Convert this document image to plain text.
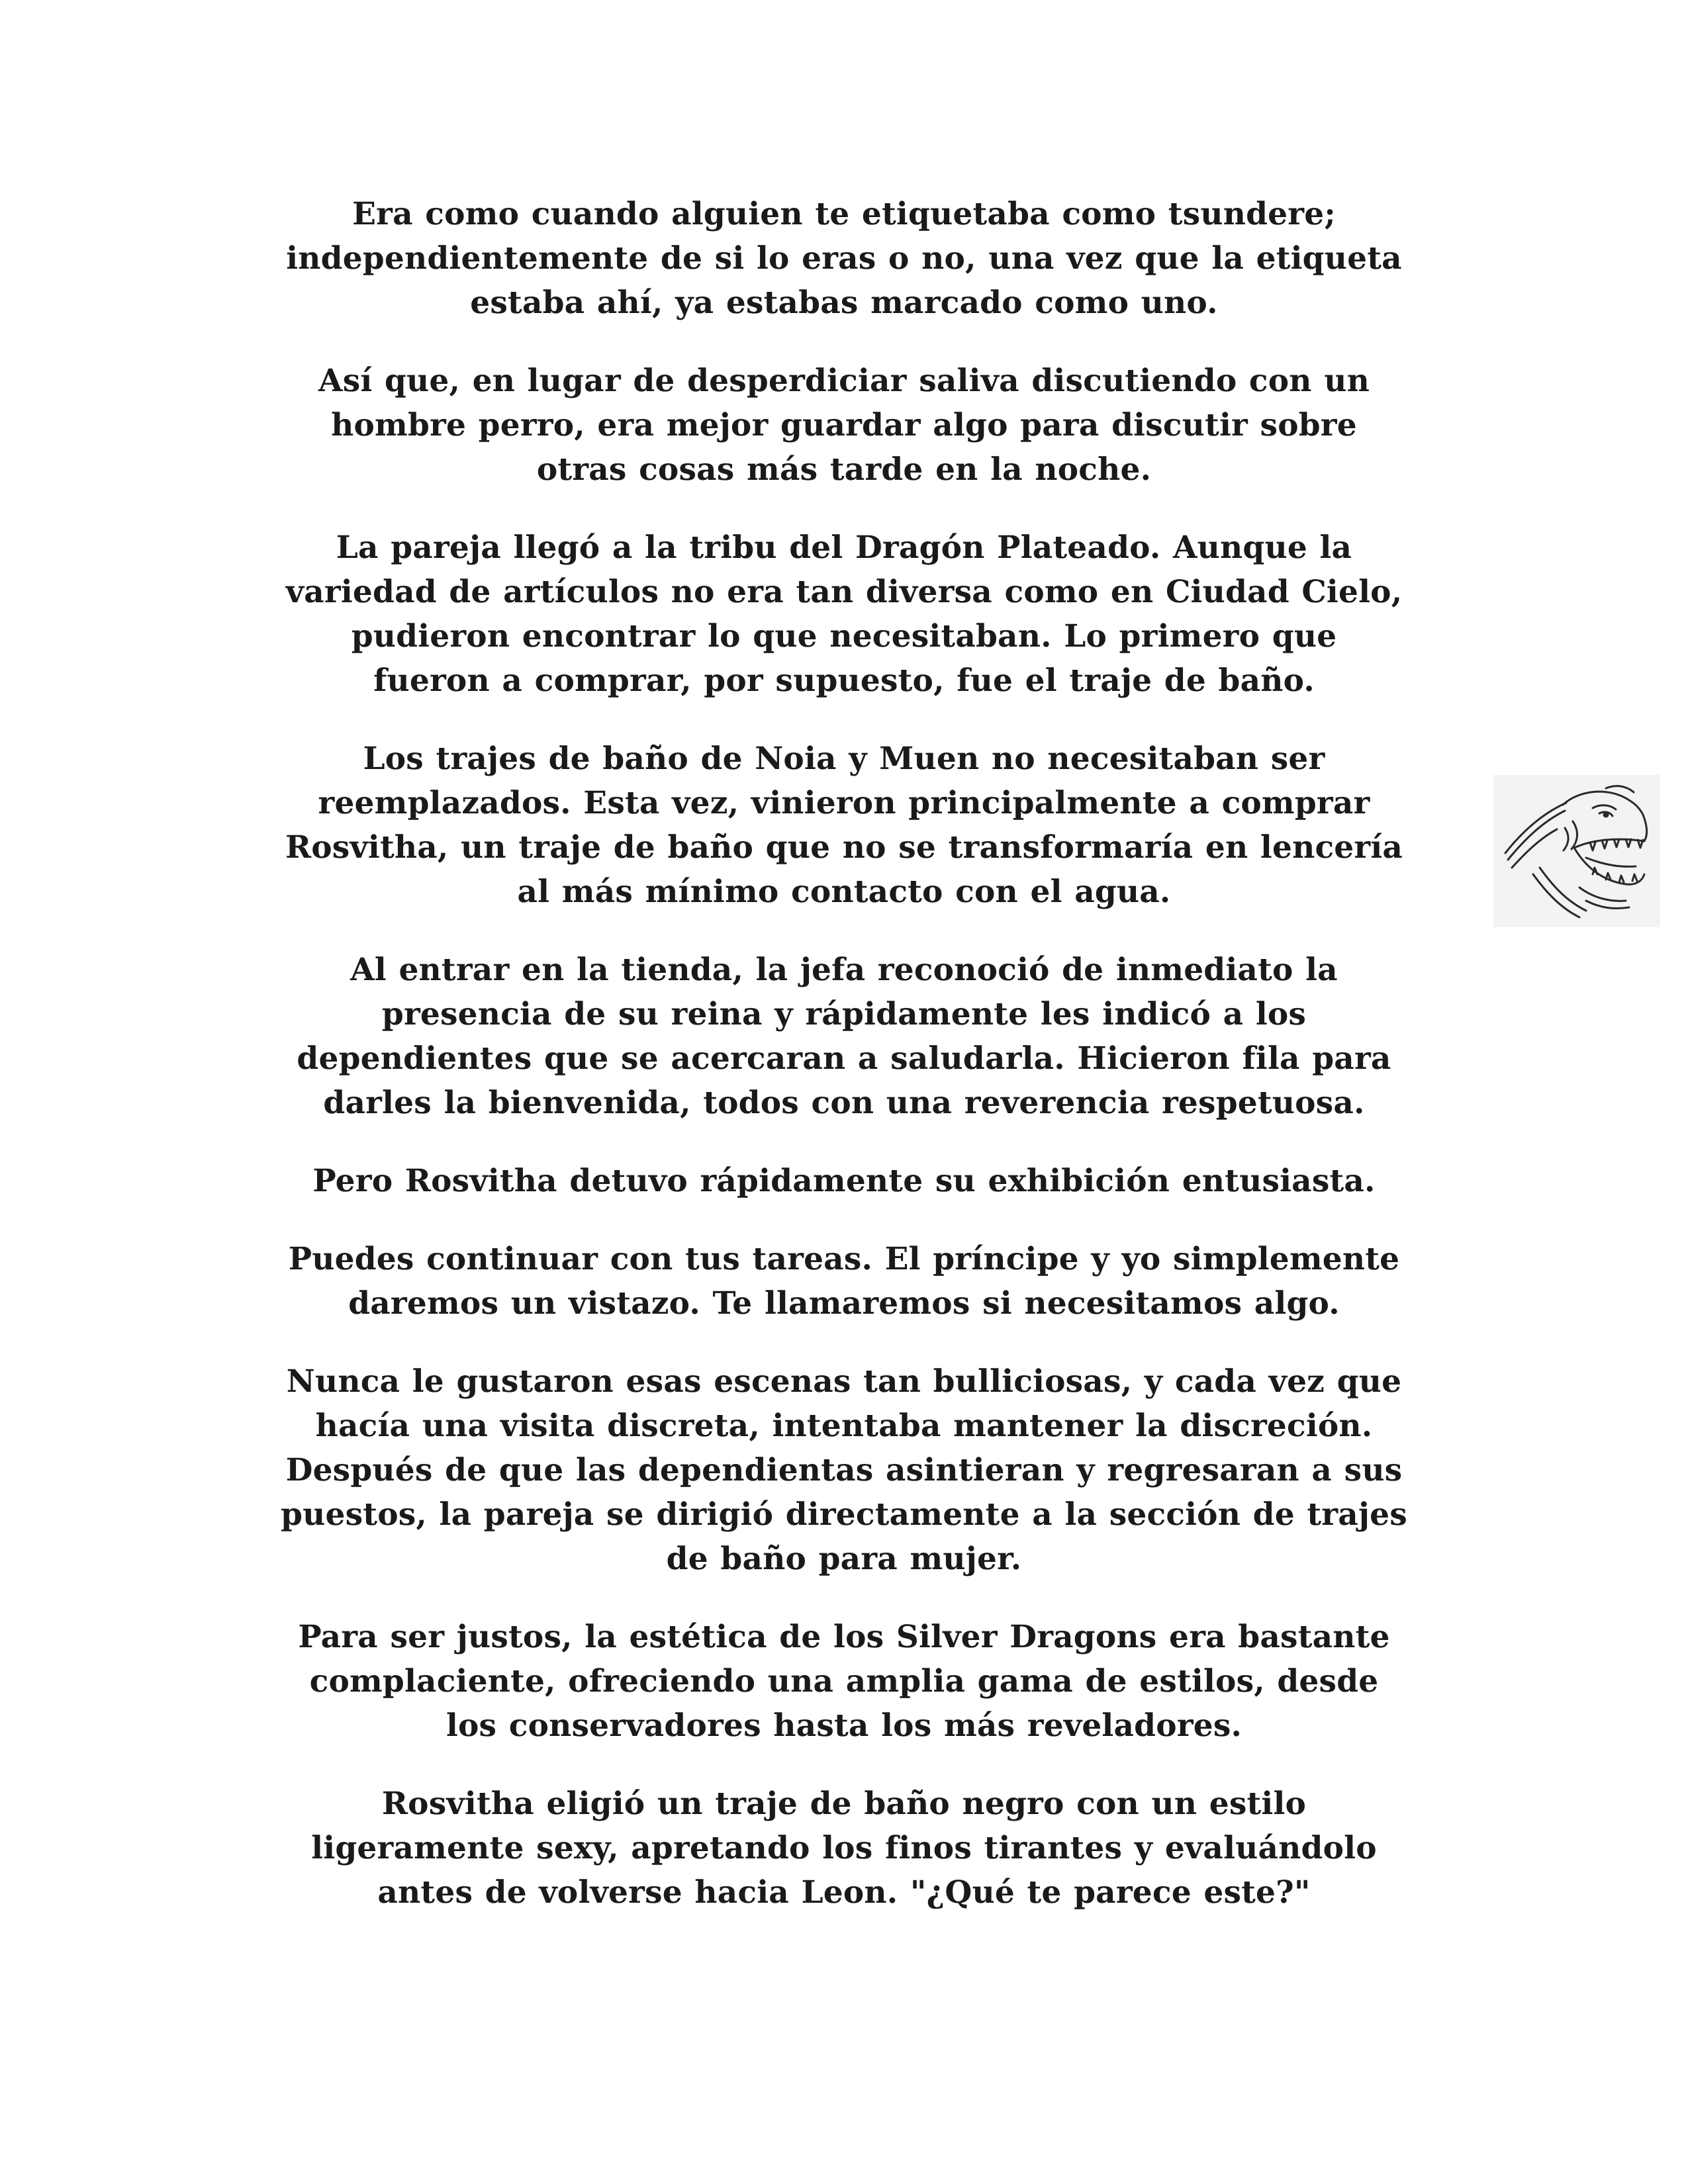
Era como cuando alguien te etiquetaba como tsundere;
independientemente de si lo eras o no, una vez que la etiqueta
estaba ahí, ya estabas marcado como uno.

Así que, en lugar de desperdiciar saliva discutiendo con un
hombre perro, era mejor guardar algo para discutir sobre
otras cosas más tarde en la noche.

La pareja llegó a la tribu del Dragón Plateado. Aunque la
variedad de artículos no era tan diversa como en Ciudad Cielo,
pudieron encontrar lo que necesitaban. Lo primero que
fueron a comprar, por supuesto, fue el traje de baño.

Los trajes de baño de Noia y Muen no necesitaban ser
reemplazados. Esta vez, vinieron principalmente a comprar
Rosvitha, un traje de baño que no se transformaría en lencería
al más mínimo contacto con el agua.

Al entrar en la tienda, la jefa reconoció de inmediato la
presencia de su reina y rápidamente les indicó a los
dependientes que se acercaran a saludarla. Hicieron fila para
darles la bienvenida, todos con una reverencia respetuosa.

Pero Rosvitha detuvo rápidamente su exhibición entusiasta.

Puedes continuar con tus tareas. El príncipe y yo simplemente
daremos un vistazo. Te llamaremos si necesitamos algo.

Nunca le gustaron esas escenas tan bulliciosas, y cada vez que
hacía una visita discreta, intentaba mantener la discreción.
Después de que las dependientas asintieran y regresaran a sus
puestos, la pareja se dirigió directamente a la sección de trajes
de baño para mujer.

Para ser justos, la estética de los Silver Dragons era bastante
complaciente, ofreciendo una amplia gama de estilos, desde
los conservadores hasta los más reveladores.

Rosvitha eligió un traje de baño negro con un estilo
ligeramente sexy, apretando los finos tirantes y evaluándolo
antes de volverse hacia Leon. "¿Qué te parece este?"
